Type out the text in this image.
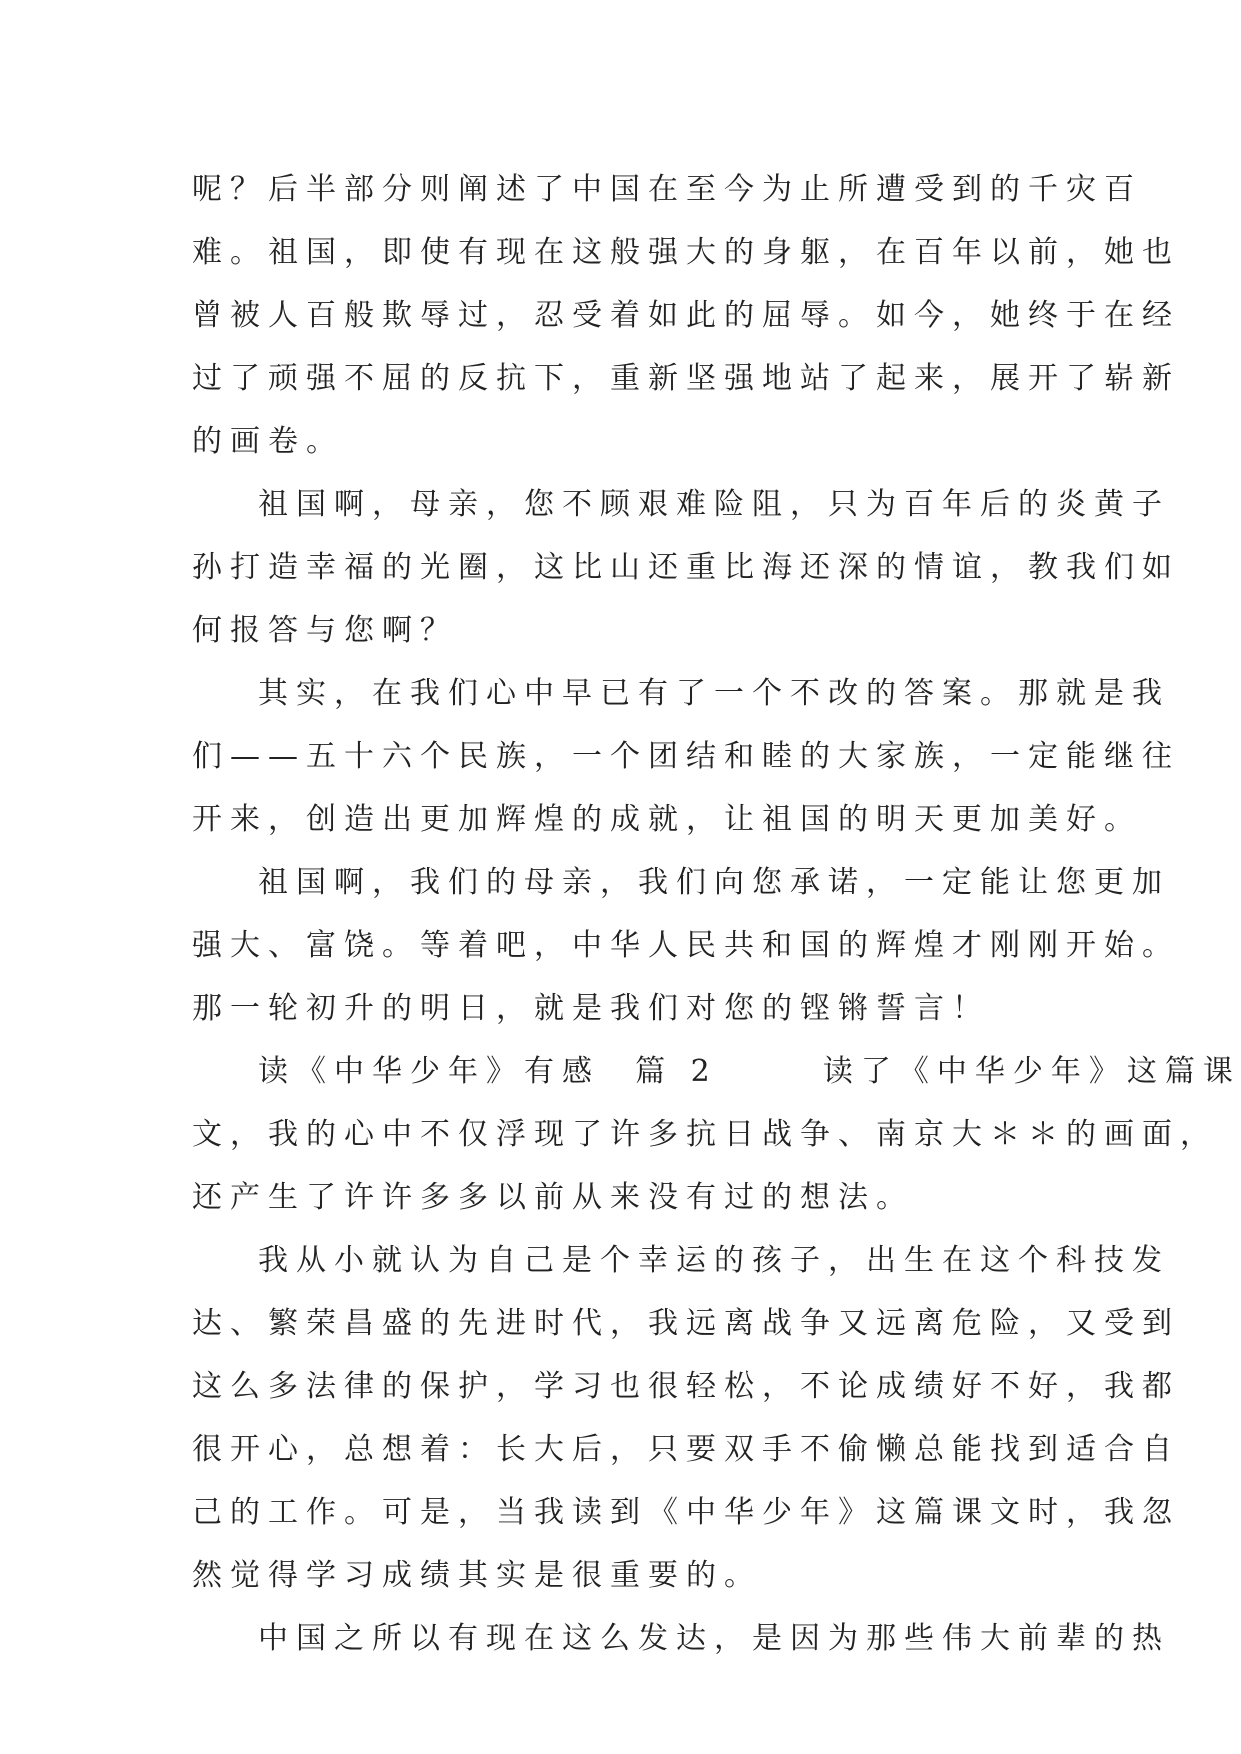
呢？后半部分则阐述了中国在至今为止所遭受到的千灾百
难。祖国，即使有现在这般强大的身躯，在百年以前，她也
曾被人百般欺辱过，忍受着如此的屈辱。如今，她终于在经
过了顽强不屈的反抗下，重新坚强地站了起来，展开了崭新
的画卷。
祖国啊，母亲，您不顾艰难险阻，只为百年后的炎黄子
孙打造幸福的光圈，这比山还重比海还深的情谊，教我们如
何报答与您啊？
其实，在我们心中早已有了一个不改的答案。那就是我
们——五十六个民族，一个团结和睦的大家族，一定能继往
开来，创造出更加辉煌的成就，让祖国的明天更加美好。
祖国啊，我们的母亲，我们向您承诺，一定能让您更加
强大、富饶。等着吧，中华人民共和国的辉煌才刚刚开始。
那一轮初升的明日，就是我们对您的铿锵誓言！
读《中华少年》有感  篇 2      读了《中华少年》这篇课
文，我的心中不仅浮现了许多抗日战争、南京大＊＊的画面，
还产生了许许多多以前从来没有过的想法。
我从小就认为自己是个幸运的孩子，出生在这个科技发
达、繁荣昌盛的先进时代，我远离战争又远离危险，又受到
这么多法律的保护，学习也很轻松，不论成绩好不好，我都
很开心，总想着：长大后，只要双手不偷懒总能找到适合自
己的工作。可是，当我读到《中华少年》这篇课文时，我忽
然觉得学习成绩其实是很重要的。
中国之所以有现在这么发达，是因为那些伟大前辈的热
